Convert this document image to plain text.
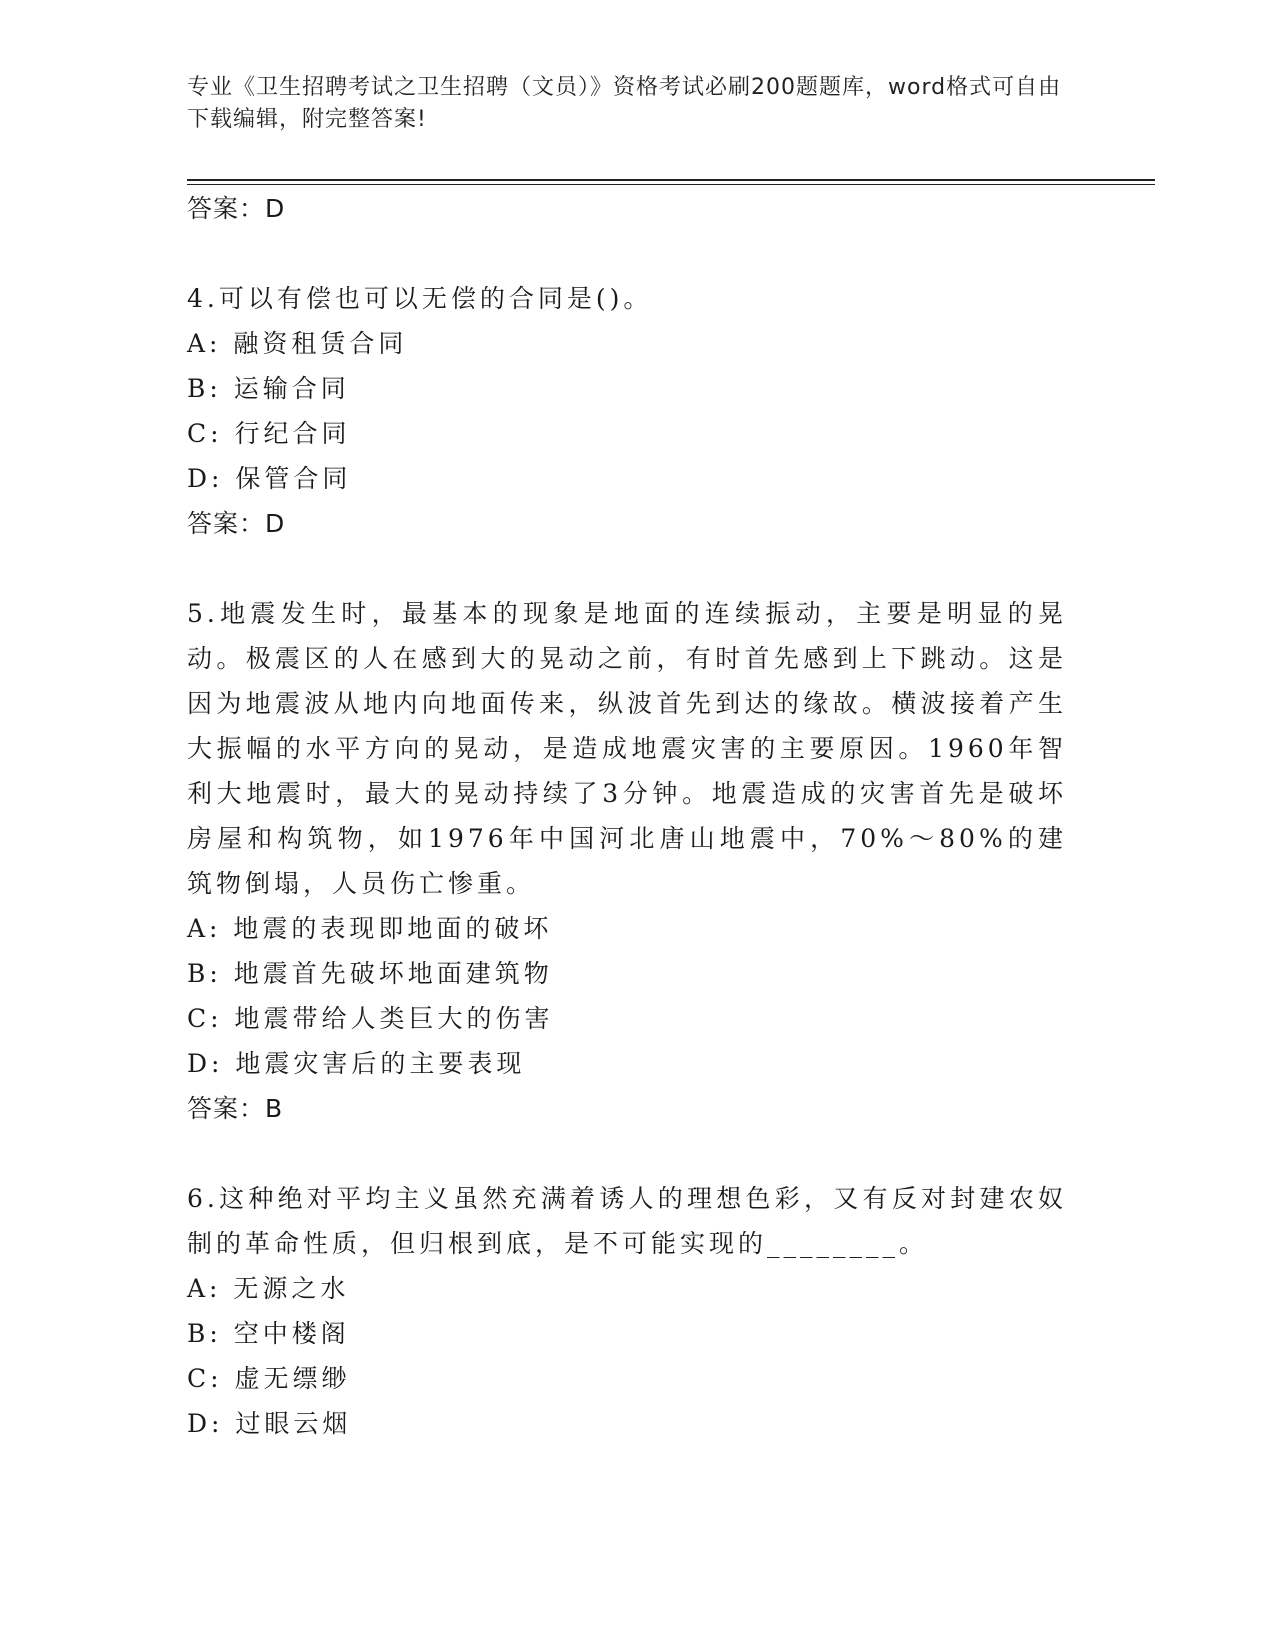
专业《卫生招聘考试之卫生招聘（文员）》资格考试必刷200题题库，word格式可自由下载编辑，附完整答案!
答案：D
4.可以有偿也可以无偿的合同是()。
A: 融资租赁合同
B: 运输合同
C: 行纪合同
D: 保管合同
答案：D
5.地震发生时，最基本的现象是地面的连续振动，主要是明显的晃动。极震区的人在感到大的晃动之前，有时首先感到上下跳动。这是因为地震波从地内向地面传来，纵波首先到达的缘故。横波接着产生大振幅的水平方向的晃动，是造成地震灾害的主要原因。1960年智利大地震时，最大的晃动持续了3分钟。地震造成的灾害首先是破坏房屋和构筑物，如1976年中国河北唐山地震中，70%～80%的建筑物倒塌，人员伤亡惨重。
A: 地震的表现即地面的破坏
B: 地震首先破坏地面建筑物
C: 地震带给人类巨大的伤害
D: 地震灾害后的主要表现
答案：B
6.这种绝对平均主义虽然充满着诱人的理想色彩，又有反对封建农奴制的革命性质，但归根到底，是不可能实现的________。
A: 无源之水
B: 空中楼阁
C: 虚无缥缈
D: 过眼云烟
